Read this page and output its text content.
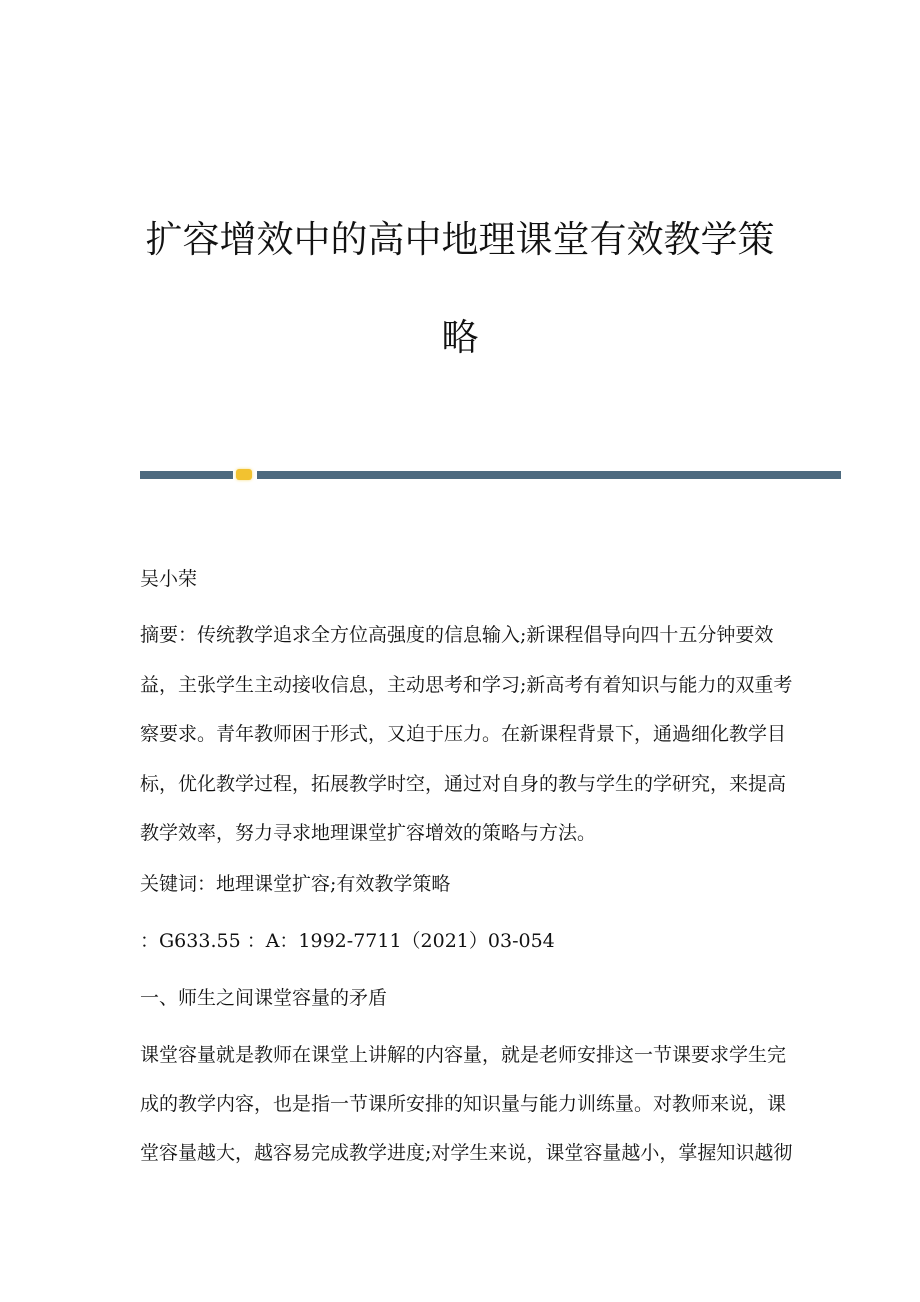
扩容增效中的高中地理课堂有效教学策
略
吴小荣
摘要：传统教学追求全方位高强度的信息输入;新课程倡导向四十五分钟要效
益，主张学生主动接收信息，主动思考和学习;新高考有着知识与能力的双重考
察要求。青年教师困于形式，又迫于压力。在新课程背景下，通過细化教学目
标，优化教学过程，拓展教学时空，通过对自身的教与学生的学研究，来提高
教学效率，努力寻求地理课堂扩容增效的策略与方法。
关键词：地理课堂扩容;有效教学策略
：G633.55 ：A：1992-7711（2021）03-054
一、师生之间课堂容量的矛盾
课堂容量就是教师在课堂上讲解的内容量，就是老师安排这一节课要求学生完
成的教学内容，也是指一节课所安排的知识量与能力训练量。对教师来说，课
堂容量越大，越容易完成教学进度;对学生来说，课堂容量越小，掌握知识越彻
